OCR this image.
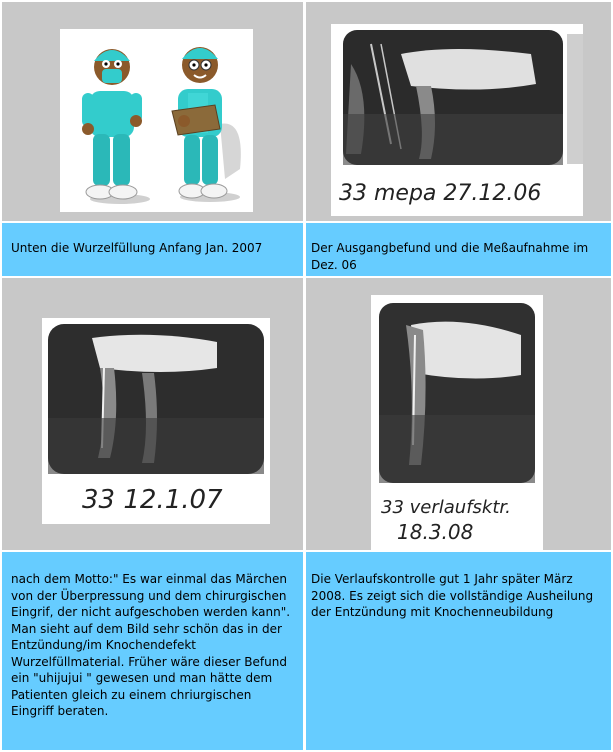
33 mepa 27.12.06

Unten die Wurzelfüllung Anfang Jan. 2007	Der Ausgangbefund und die Meßaufnahme im Dez. 06

33 12.1.07	33 verlaufsktr.
18.3.08

nach dem Motto:" Es war einmal das Märchen von der Überpressung und dem chirurgischen Eingrif, der nicht aufgeschoben werden kann".

Man sieht auf dem Bild sehr schön das in der Entzündung/im Knochendefekt Wurzelfüllmaterial. Früher wäre dieser Befund ein "uhijujui " gewesen und man hätte dem Patienten gleich zu einem chriurgischen Eingriff beraten.

Die Verlaufskontrolle gut 1 Jahr später März 2008. Es zeigt sich die vollständige Ausheilung der Entzündung mit Knochenneubildung
